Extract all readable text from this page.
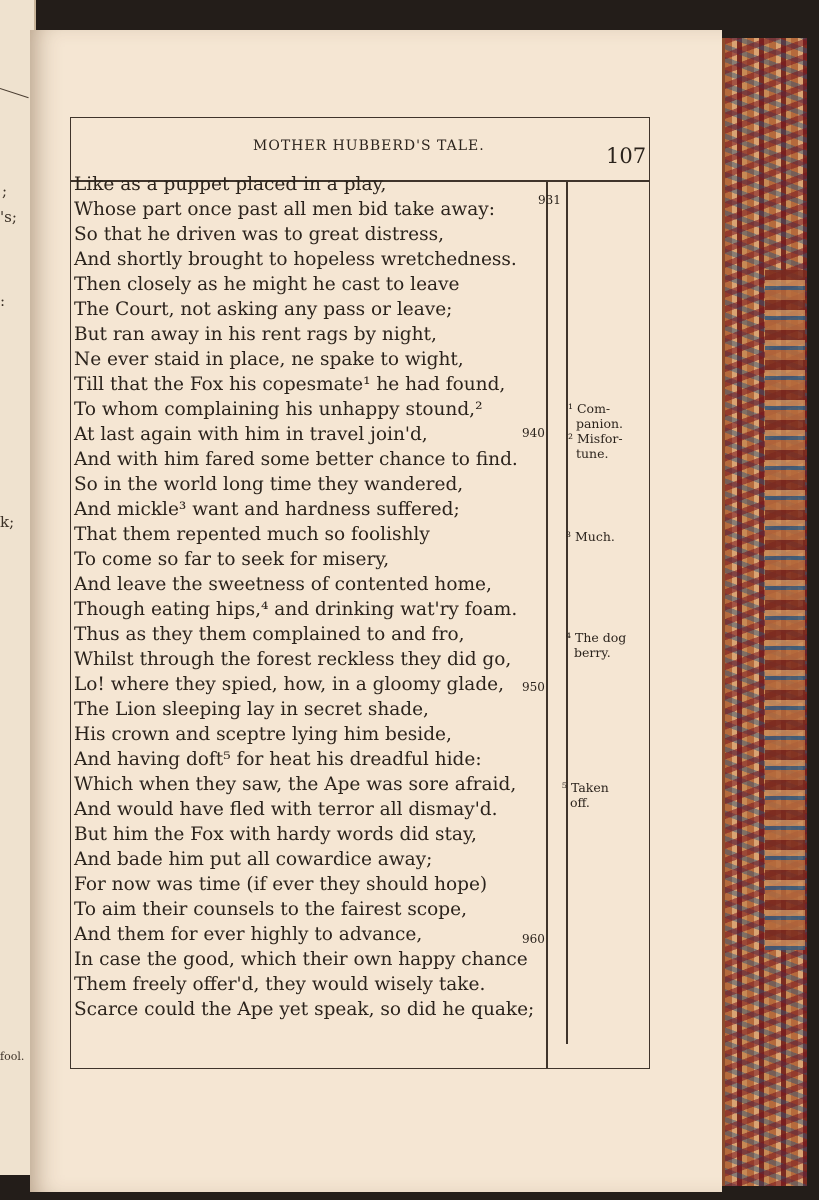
;
's;
:
k;
fool.
MOTHER HUBBERD'S TALE.	107
Like as a puppet placed in a play,
Whose part once past all men bid take away:
So that he driven was to great distress,
And shortly brought to hopeless wretchedness.
Then closely as he might he cast to leave
The Court, not asking any pass or leave;
But ran away in his rent rags by night,
Ne ever staid in place, ne spake to wight,
Till that the Fox his copesmate¹ he had found,
To whom complaining his unhappy stound,²
At last again with him in travel join'd,
And with him fared some better chance to find.
So in the world long time they wandered,
And mickle³ want and hardness suffered;
That them repented much so foolishly
To come so far to seek for misery,
And leave the sweetness of contented home,
Though eating hips,⁴ and drinking wat'ry foam.
Thus as they them complained to and fro,
Whilst through the forest reckless they did go,
Lo! where they spied, how, in a gloomy glade,
The Lion sleeping lay in secret shade,
His crown and sceptre lying him beside,
And having doft⁵ for heat his dreadful hide:
Which when they saw, the Ape was sore afraid,
And would have fled with terror all dismay'd.
But him the Fox with hardy words did stay,
And bade him put all cowardice away;
For now was time (if ever they should hope)
To aim their counsels to the fairest scope,
And them for ever highly to advance,
In case the good, which their own happy chance
Them freely offer'd, they would wisely take.
Scarce could the Ape yet speak, so did he quake;
931
940
950
960
¹ Com-
panion.
² Misfor-
tune.
³ Much.
⁴ The dog
berry.
⁵ Taken
off.
